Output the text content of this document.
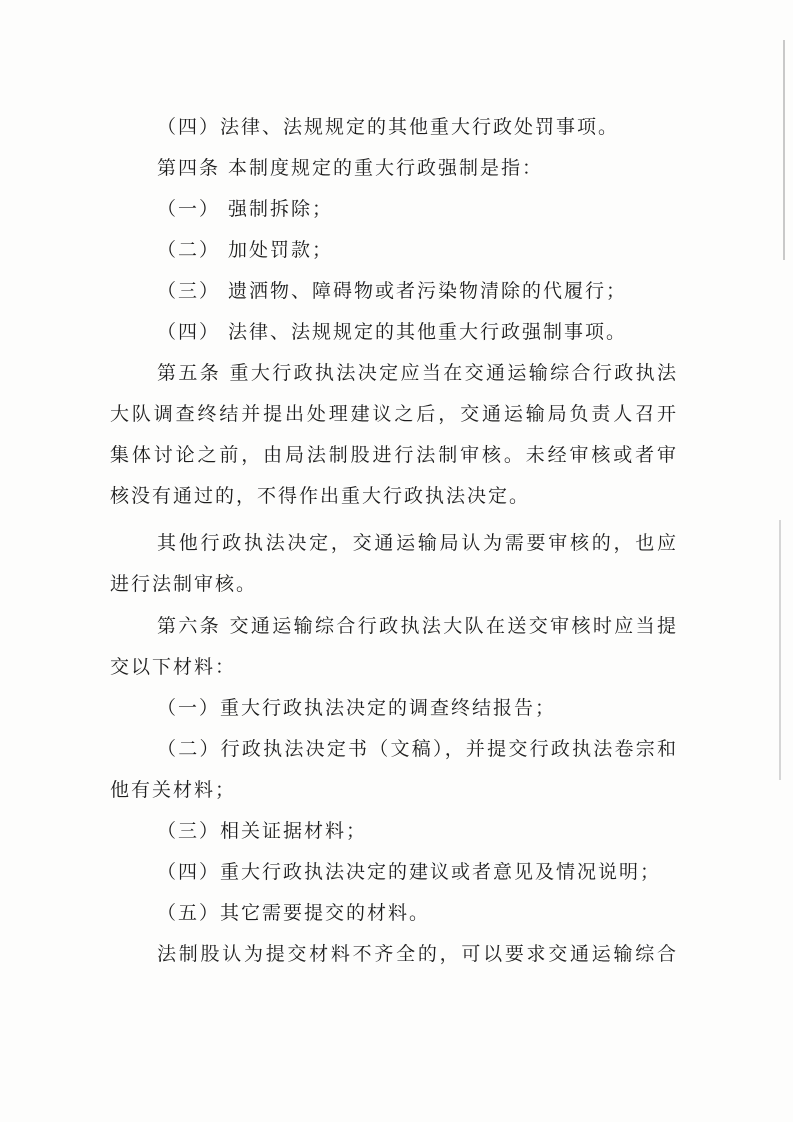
（四）法律、法规规定的其他重大行政处罚事项。
第四条 本制度规定的重大行政强制是指：
（一） 强制拆除；
（二） 加处罚款；
（三） 遗洒物、障碍物或者污染物清除的代履行；
（四） 法律、法规规定的其他重大行政强制事项。
第五条 重大行政执法决定应当在交通运输综合行政执法
大队调查终结并提出处理建议之后，交通运输局负责人召开
集体讨论之前，由局法制股进行法制审核。未经审核或者审
核没有通过的，不得作出重大行政执法决定。
其他行政执法决定，交通运输局认为需要审核的，也应
进行法制审核。
第六条 交通运输综合行政执法大队在送交审核时应当提
交以下材料：
（一）重大行政执法决定的调查终结报告；
（二）行政执法决定书（文稿），并提交行政执法卷宗和
他有关材料；
（三）相关证据材料；
（四）重大行政执法决定的建议或者意见及情况说明；
（五）其它需要提交的材料。
法制股认为提交材料不齐全的，可以要求交通运输综合
